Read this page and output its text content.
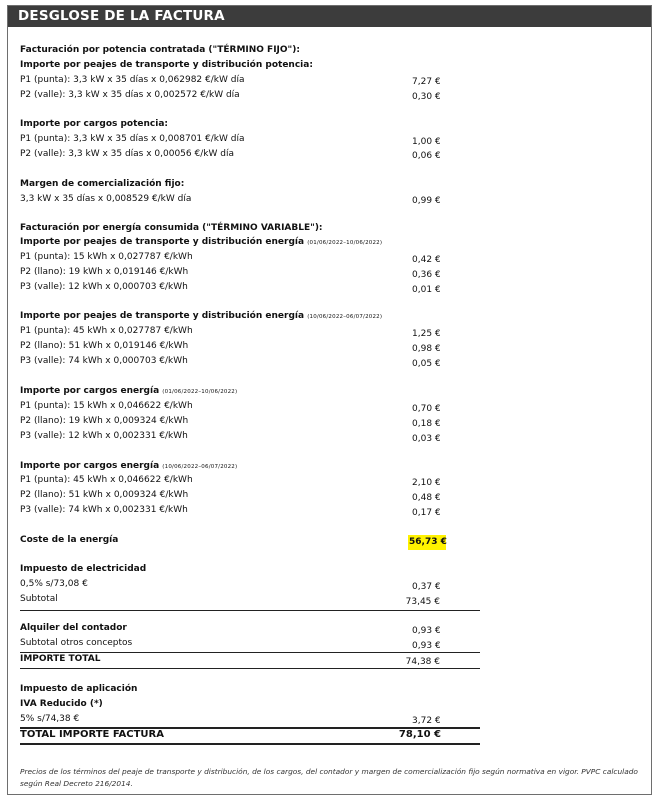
DESGLOSE DE LA FACTURA
Facturación por potencia contratada ("TÉRMINO FIJO"):
Importe por peajes de transporte y distribución potencia:
P1 (punta): 3,3 kW x 35 días x 0,062982 €/kW día	7,27 €
P2 (valle): 3,3 kW x 35 días x 0,002572 €/kW día	0,30 €
Importe por cargos potencia:
P1 (punta): 3,3 kW x 35 días x 0,008701 €/kW día	1,00 €
P2 (valle): 3,3 kW x 35 días x 0,00056 €/kW día	0,06 €
Margen de comercialización fijo:
3,3 kW x 35 días x 0,008529 €/kW día	0,99 €
Facturación por energía consumida ("TÉRMINO VARIABLE"):
Importe por peajes de transporte y distribución energía (01/06/2022–10/06/2022)
P1 (punta): 15 kWh x 0,027787 €/kWh	0,42 €
P2 (llano): 19 kWh x 0,019146 €/kWh	0,36 €
P3 (valle): 12 kWh x 0,000703 €/kWh	0,01 €
Importe por peajes de transporte y distribución energía (10/06/2022–06/07/2022)
P1 (punta): 45 kWh x 0,027787 €/kWh	1,25 €
P2 (llano): 51 kWh x 0,019146 €/kWh	0,98 €
P3 (valle): 74 kWh x 0,000703 €/kWh	0,05 €
Importe por cargos energía (01/06/2022–10/06/2022)
P1 (punta): 15 kWh x 0,046622 €/kWh	0,70 €
P2 (llano): 19 kWh x 0,009324 €/kWh	0,18 €
P3 (valle): 12 kWh x 0,002331 €/kWh	0,03 €
Importe por cargos energía (10/06/2022–06/07/2022)
P1 (punta): 45 kWh x 0,046622 €/kWh	2,10 €
P2 (llano): 51 kWh x 0,009324 €/kWh	0,48 €
P3 (valle): 74 kWh x 0,002331 €/kWh	0,17 €
Coste de la energía	56,73 €
Impuesto de electricidad
0,5% s/73,08 €	0,37 €
Subtotal	73,45 €
Alquiler del contador	0,93 €
Subtotal otros conceptos	0,93 €
IMPORTE TOTAL	74,38 €
Impuesto de aplicación
IVA Reducido (*)
5% s/74,38 €	3,72 €
TOTAL IMPORTE FACTURA	78,10 €
Precios de los términos del peaje de transporte y distribución, de los cargos, del contador y margen de comercialización fijo según normativa en vigor. PVPC calculado según Real Decreto 216/2014.
